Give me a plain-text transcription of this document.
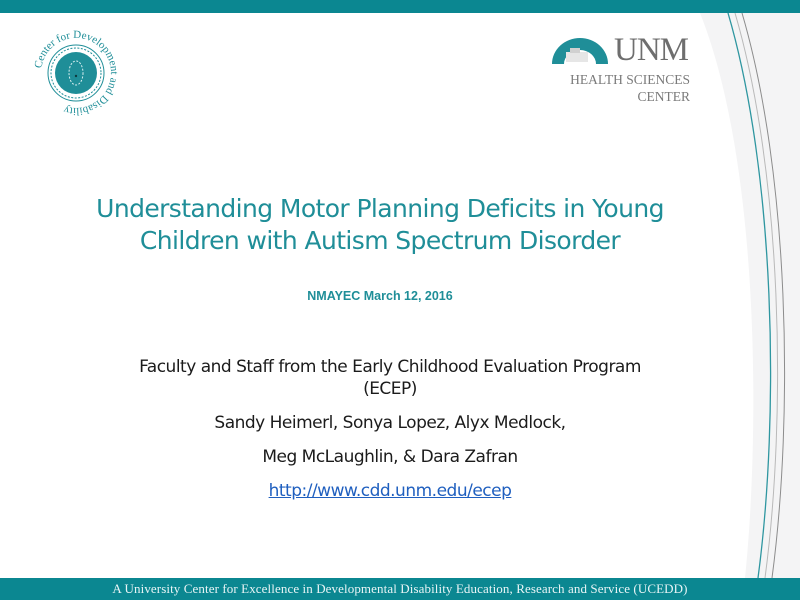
Center for Development and Disability
UNM
HEALTH SCIENCES
CENTER
Understanding Motor Planning Deficits in Young
Children with Autism Spectrum Disorder
NMAYEC March 12, 2016
Faculty and Staff from the Early Childhood Evaluation Program
(ECEP)
Sandy Heimerl, Sonya Lopez, Alyx Medlock,
Meg McLaughlin, & Dara Zafran
http://www.cdd.unm.edu/ecep
A University Center for Excellence in Developmental Disability Education, Research and Service (UCEDD)
